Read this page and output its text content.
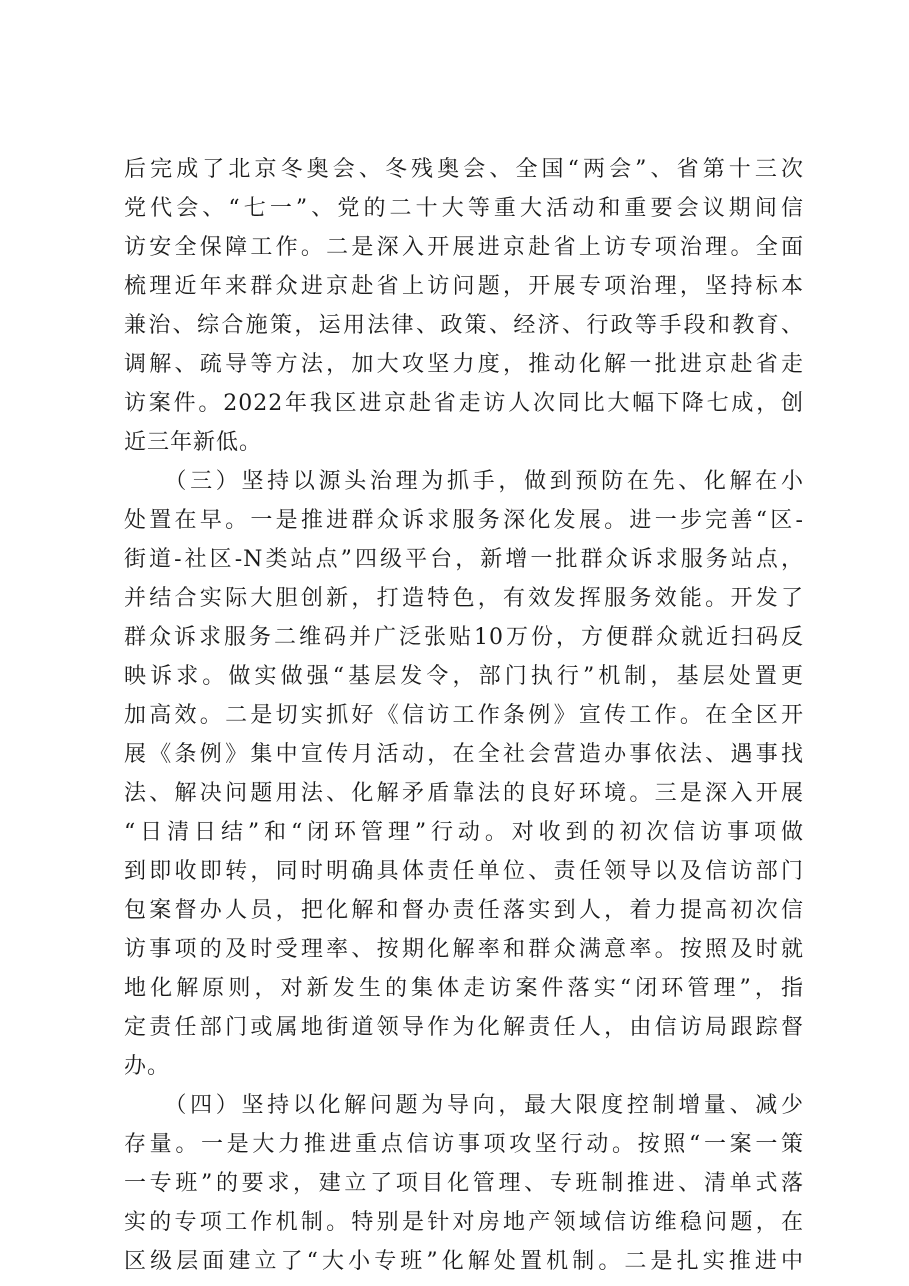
后完成了北京冬奥会、冬残奥会、全国“两会”、省第十三次
党代会、“七一”、党的二十大等重大活动和重要会议期间信
访安全保障工作。二是深入开展进京赴省上访专项治理。全面
梳理近年来群众进京赴省上访问题，开展专项治理，坚持标本
兼治、综合施策，运用法律、政策、经济、行政等手段和教育、
调解、疏导等方法，加大攻坚力度，推动化解一批进京赴省走
访案件。2022年我区进京赴省走访人次同比大幅下降七成，创
近三年新低。
　　（三）坚持以源头治理为抓手，做到预防在先、化解在小
处置在早。一是推进群众诉求服务深化发展。进一步完善“区-
街道-社区-N类站点”四级平台，新增一批群众诉求服务站点，
并结合实际大胆创新，打造特色，有效发挥服务效能。开发了
群众诉求服务二维码并广泛张贴10万份，方便群众就近扫码反
映诉求。做实做强“基层发令，部门执行”机制，基层处置更
加高效。二是切实抓好《信访工作条例》宣传工作。在全区开
展《条例》集中宣传月活动，在全社会营造办事依法、遇事找
法、解决问题用法、化解矛盾靠法的良好环境。三是深入开展
“日清日结”和“闭环管理”行动。对收到的初次信访事项做
到即收即转，同时明确具体责任单位、责任领导以及信访部门
包案督办人员，把化解和督办责任落实到人，着力提高初次信
访事项的及时受理率、按期化解率和群众满意率。按照及时就
地化解原则，对新发生的集体走访案件落实“闭环管理”，指
定责任部门或属地街道领导作为化解责任人，由信访局跟踪督
办。
　　（四）坚持以化解问题为导向，最大限度控制增量、减少
存量。一是大力推进重点信访事项攻坚行动。按照“一案一策
一专班”的要求，建立了项目化管理、专班制推进、清单式落
实的专项工作机制。特别是针对房地产领域信访维稳问题，在
区级层面建立了“大小专班”化解处置机制。二是扎实推进中
